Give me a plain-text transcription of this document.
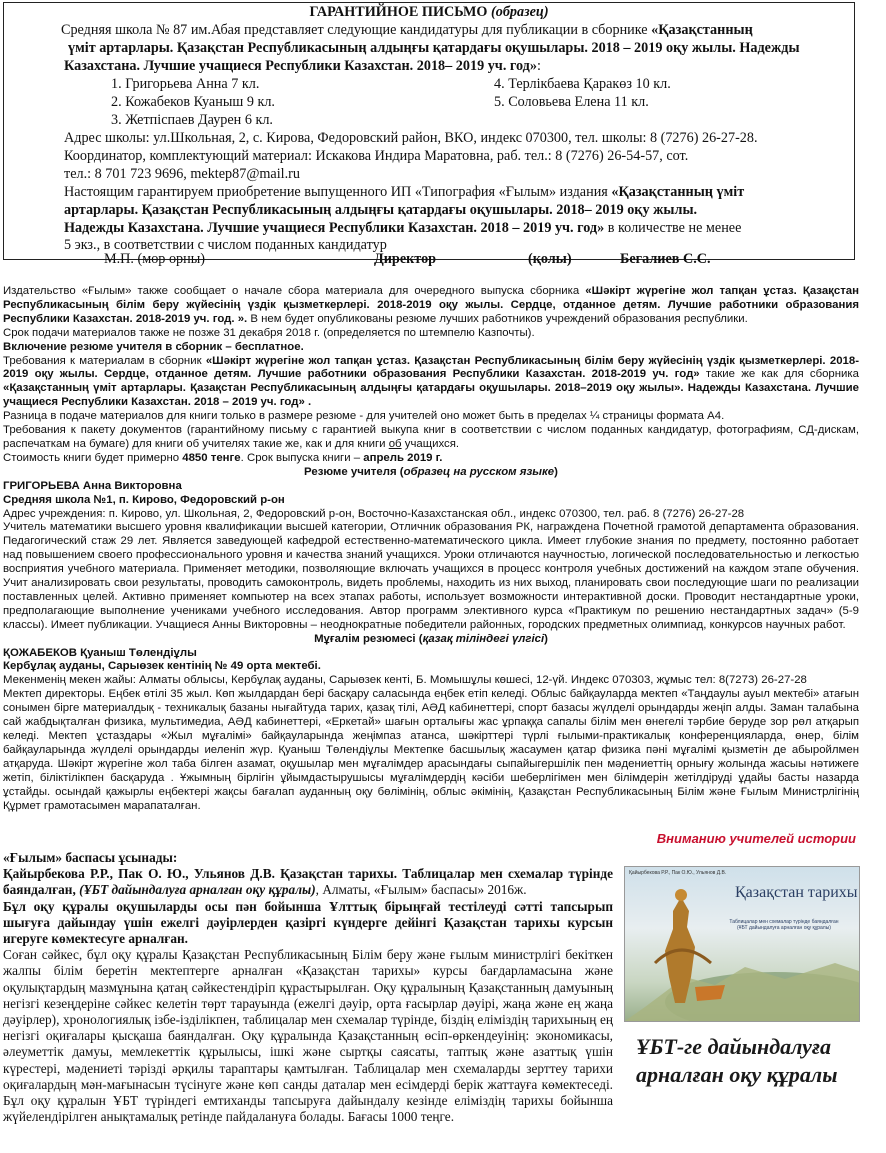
ГАРАНТИЙНОЕ ПИСЬМО (образец)
Средняя школа № 87 им.Абая представляет следующие кандидатуры для публикации в сборнике «Қазақстанның
үміт артарлары. Қазақстан Республикасының алдыңғы қатардағы оқушылары. 2018 – 2019 оқу жылы. Надежды
Казахстана. Лучшие учащиеся Республики Казахстан. 2018– 2019 уч. год»:
1. Григорьева Анна 7 кл.
2. Кожабеков Куаныш 9 кл.
3. Жетпіспаев Даурен 6 кл.
4. Терлікбаева Қаракөз 10 кл.
5. Соловьева Елена 11 кл.
Адрес школы: ул.Школьная, 2, с. Кирова, Федоровский район, ВКО, индекс 070300, тел. школы: 8 (7276) 26-27-28.
Координатор, комплектующий материал: Искакова Индира Маратовна, раб. тел.: 8 (7276) 26-54-57, сот.
тел.: 8 701 723 9696, mektep87@mail.ru
Настоящим гарантируем приобретение выпущенного ИП «Типография «Ғылым» издания «Қазақстанның үміт
артарлары. Қазақстан Республикасының алдыңғы қатардағы оқушылары. 2018– 2019 оқу жылы.
Надежды Казахстана. Лучшие учащиеся Республики Казахстан. 2018 – 2019 уч. год» в количестве не менее
5 экз., в соответствии с числом поданных кандидатур
М.П. (мөр орны)	Директор	(қолы)	Бегалиев С.С.

Издательство «Ғылым» также сообщает о начале сбора материала для очередного выпуска сборника «Шәкірт жүрегіне жол тапқан ұстаз. Қазақстан Республикасының білім беру жүйесінің үздік қызметкерлері. 2018-2019 оқу жылы. Сердце, отданное детям. Лучшие работники образования Республики Казахстан. 2018-2019 уч. год. ». В нем будет опубликованы резюме лучших работников учреждений образования республики.

Срок подачи материалов также не позже 31 декабря 2018 г. (определяется по штемпелю Казпочты).

Включение резюме учителя в сборник – бесплатное.

Требования к материалам в сборник «Шәкірт жүрегіне жол тапқан ұстаз. Қазақстан Республикасының білім беру жүйесінің үздік қызметкерлері. 2018-2019 оқу жылы. Сердце, отданное детям. Лучшие работники образования Республики Казахстан. 2018-2019 уч. год» такие же как для сборника «Қазақстанның үміт артарлары. Қазақстан Республикасының алдыңғы қатардағы оқушылары. 2018–2019 оқу жылы». Надежды Казахстана. Лучшие учащиеся Республики Казахстан. 2018 – 2019 уч. год» .

Разница в подаче материалов для книги только в размере резюме - для учителей оно может быть в пределах ¼ страницы формата А4.

Требования к пакету документов (гарантийному письму с гарантией выкупа книг в соответствии с числом поданных кандидатур, фотографиям, СД-дискам, распечаткам на бумаге) для книги об учителях такие же, как и для книги об учащихся.

Стоимость книги будет примерно 4850 тенге. Срок выпуска книги – апрель 2019 г.

Резюме учителя (образец на русском языке)

ГРИГОРЬЕВА Анна Викторовна

Средняя школа №1, п. Кирово, Федоровский р-он

Адрес учреждения: п. Кирово, ул. Школьная, 2, Федоровский р-он, Восточно-Казахстанская обл., индекс 070300, тел. раб. 8 (7276) 26-27-28

Учитель математики высшего уровня квалификации высшей категории, Отличник образования РК, награждена Почетной грамотой департамента образования. Педагогический стаж 29 лет. Является заведующей кафедрой естественно-математического цикла. Имеет глубокие знания по предмету, постоянно работает над повышением своего профессионального уровня и качества знаний учащихся. Уроки отличаются научностью, логической последовательностью и легкостью восприятия учебного материала. Применяет методики, позволяющие включать учащихся в процесс контроля учебных достижений на каждом этапе обучения. Учит анализировать свои результаты, проводить самоконтроль, видеть проблемы, находить из них выход, планировать свои последующие шаги по реализации поставленных целей. Активно применяет компьютер на всех этапах работы, использует возможности интерактивной доски. Проводит нестандартные уроки, предполагающие выполнение учениками учебного исследования. Автор программ элективного курса «Практикум по решению нестандартных задач» (5-9 классы). Имеет публикации. Учащиеся Анны Викторовны – неоднократные победители районных, городских предметных олимпиад, конкурсов научных работ.

Мұғалім резюмесі (қазақ тіліндегі үлгісі)

ҚОЖАБЕКОВ Қуаныш Төлендіұлы

Кербұлақ ауданы, Сарыөзек кентінің № 49 орта мектебі.

Мекенменің мекен жайы: Алматы облысы, Кербұлақ ауданы, Сарыөзек кенті, Б. Момышұлы көшесі, 12-үй. Индекс 070303, жұмыс тел: 8(7273) 26-27-28

Мектеп директоры. Еңбек өтілі 35 жыл. Көп жылдардан бері басқару саласында еңбек етіп келеді. Облыс байқауларда мектеп «Таңдаулы ауыл мектебі» атағын сонымен бірге материалдық - техникалық базаны нығайтуда тарих, қазақ тілі, АӘД кабинеттері, спорт базасы жүлделі орындарды жеңіп алды. Заман талабына сай жабдықталған физика, мультимедиа, АӘД кабинеттері, «Еркетай» шағын орталығы жас ұрпаққа сапалы білім мен өнегелі тәрбие беруде зор рөл атқарып келеді. Мектеп ұстаздары «Жыл мұғалімі» байқауларында жеңімпаз атанса, шәкірттері түрлі ғылыми-практикалық конференцияларда, өнер, білім байқауларында жүлделі орындарды иеленіп жүр. Қуаныш Төлендіұлы Мектепке басшылық жасаумен қатар физика пәні мұғалімі қызметін де абыройлмен атқаруда. Шәкірт жүрегіне жол таба білген азамат, оқушылар мен мұғалімдер арасындағы сыпайыгершілік пен мәдениеттің орнығу жолында жасыы нәтижеге жетіп, біліктілікпен басқаруда . Ұжымның бірлігін ұйымдастырушысы мұғалімдердің кәсіби шеберлігімен мен білімдерін жетілдіруді ұдайы басты назарда ұстайды. осындай қажырлы еңбектері жақсы бағалап ауданның оқу бөлімінің, облыс әкімінің, Қазақстан Республикасының Білім және Ғылым Министрлігінің Құрмет грамотасымен марапаталған.

Вниманию учителей истории

«Ғылым» баспасы ұсынады:

Қайырбекова Р.Р., Пак О. Ю., Ульянов Д.В. Қазақстан тарихы. Таблицалар мен схемалар түрінде баяндалған, (ҰБТ дайындалуға арналған оқу құралы), Алматы, «Ғылым» баспасы» 2016ж.

Бұл оқу құралы оқушыларды осы пән бойынша Ұлттық бірыңғай тестілеуді сәтті тапсырып шығуға дайындау үшін ежелгі дәуірлерден қазіргі күндерге дейінгі Қазақстан тарихы курсын игеруге көмектесуге арналған.

Соған сәйкес, бұл оқу құралы Қазақстан Республикасының Білім беру және ғылым министрлігі бекіткен жалпы білім беретін мектептерге арналған «Қазақстан тарихы» курсы бағдарламасына және оқулықтардың мазмұнына қатаң сәйкестендіріп құрастырылған. Оқу құралының Қазақстанның дамуының негізгі кезеңдеріне сәйкес келетін төрт тарауында (ежелгі дәуір, орта ғасырлар дәуірі, жаңа және ең жаңа дәуірлер), хронологиялық ізбе-ізділікпен, таблицалар мен схемалар түрінде, біздің еліміздің тарихының ең негізгі оқиғалары қысқаша баяндалған. Оқу құралында Қазақстанның өсіп-өркендеуінің: экономикасы, әлеуметтік дамуы, мемлекеттік құрылысы, ішкі және сыртқы саясаты, таптық және азаттық үшін күрестері, мәдениеті тәрізді әрқилы тараптары қамтылған. Таблицалар мен схемаларды зерттеу тарихи оқиғалардың мән-мағынасын түсінуге және көп санды даталар мен есімдерді берік жаттауға көмектеседі. Бұл оқу құралын ҰБТ түріндегі емтиханды тапсыруға дайындалу кезінде еліміздің тарихы бойынша жүйелендірілген анықтамалық ретінде пайдалануға болады. Бағасы 1000 теңге.

Қайырбекова Р.Р., Пак О.Ю., Ульянов Д.В.
Қазақстан тарихы
Таблицалар мен схемалар түрінде баяндалған (ҰБТ дайындалуға арналған оқу құралы)
ҰБТ-ге дайындалуға арналған оқу құралы
